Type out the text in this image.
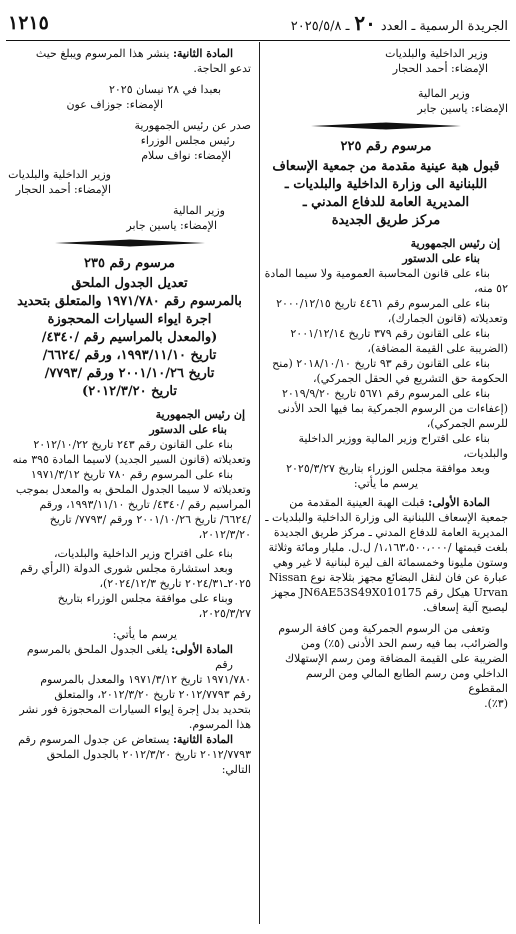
الجريدة الرسمية ـ العدد
٢٠
ـ ٢٠٢٥/٥/٨
١٢١٥

وزير الداخلية والبلديات

الإمضاء: أحمد الحجار

وزير المالية

الإمضاء: ياسين جابر

مرسوم رقم ٢٢٥

قبول هبة عينية مقدمة من جمعية الإسعاف

اللبنانية الى وزارة الداخلية والبلديات ـ

المديرية العامة للدفاع المدني ـ

مركز طريق الجديدة

إن رئيس الجمهورية

بناء على الدستور

بناء على قانون المحاسبة العمومية ولا سيما المادة

٥٢ منه،

بناء على المرسوم رقم ٤٤٦١ تاريخ ٢٠٠٠/١٢/١٥

وتعديلاته (قانون الجمارك)،

بناء على القانون رقم ٣٧٩ تاريخ ٢٠٠١/١٢/١٤

(الضريبة على القيمة المضافة)،

بناء على القانون رقم ٩٣ تاريخ ٢٠١٨/١٠/١٠ (منح

الحكومة حق التشريع في الحقل الجمركي)،

بناء على المرسوم رقم ٥٦٧١ تاريخ ٢٠١٩/٩/٢٠

(إعفاءات من الرسوم الجمركية بما فيها الحد الأدنى

للرسم الجمركي)،

بناء على اقتراح وزير المالية ووزير الداخلية

والبلديات،

وبعد موافقة مجلس الوزراء بتاريخ ٢٠٢٥/٣/٢٧

يرسم ما يأتي:

المادة الأولى: قبلت الهبة العينية المقدمة من

جمعية الإسعاف اللبنانية الى وزارة الداخلية والبلديات ـ

المديرية العامة للدفاع المدني ـ مركز طريق الجديدة

بلغت قيمتها /١،١٦٣،٥٠٠،٠٠٠/ ل.ل. مليار ومائة وثلاثة

وستون مليونا وخمسمائة الف ليرة لبنانية لا غير وهي

عبارة عن فان لنقل البضائع مجهز بثلاجة نوع Nissan

Urvan هيكل رقم JN6AE53S49X010175 مجهز

ليصبح آلية إسعاف.

وتعفى من الرسوم الجمركية ومن كافة الرسوم

والضرائب، بما فيه رسم الحد الأدنى (٥٪) ومن

الضريبة على القيمة المضافة ومن رسم الإستهلاك

الداخلي ومن رسم الطابع المالي ومن الرسم المقطوع

(٣٪).

المادة الثانية: ينشر هذا المرسوم ويبلغ حيث

تدعو الحاجة.

بعبدا في ٢٨ نيسان ٢٠٢٥

الإمضاء: جوزاف عون

صدر عن رئيس الجمهورية

رئيس مجلس الوزراء

الإمضاء: نواف سلام

وزير الداخلية والبلديات

الإمضاء: أحمد الحجار

وزير المالية

الإمضاء: ياسين جابر

مرسوم رقم ٢٣٥

تعديل الجدول الملحق

بالمرسوم رقم ١٩٧١/٧٨٠ والمتعلق بتحديد

اجرة ايواء السيارات المحجوزة

(والمعدل بالمراسيم رقم /٤٣٤٠/

تاريخ ١٩٩٣/١١/١٠، ورقم /٦٦٢٤/

تاريخ ٢٠٠١/١٠/٢٦ ورقم /٧٧٩٣/

تاريخ ٢٠١٢/٣/٢٠)

إن رئيس الجمهورية

بناء على الدستور

بناء على القانون رقم ٢٤٣ تاريخ ٢٠١٢/١٠/٢٢

وتعديلاته (قانون السير الجديد) لاسيما المادة ٣٩٥ منه

بناء على المرسوم رقم ٧٨٠ تاريخ ١٩٧١/٣/١٢

وتعديلاته لا سيما الجدول الملحق به والمعدل بموجب

المراسيم رقم /٤٣٤٠/ تاريخ ١٩٩٣/١١/١٠، ورقم

/٦٦٢٤/ تاريخ ٢٠٠١/١٠/٢٦ ورقم /٧٧٩٣/ تاريخ

٢٠١٢/٣/٢٠،

بناء على اقتراح وزير الداخلية والبلديات،

وبعد استشارة مجلس شورى الدولة (الرأي رقم

٢٠٢٥ـ٢٠٢٤/٣١ تاريخ ٢٠٢٤/١٢/٣)،

وبناء على موافقة مجلس الوزراء بتاريخ

٢٠٢٥/٣/٢٧،

يرسم ما يأتي:

المادة الأولى: يلغى الجدول الملحق بالمرسوم رقم

١٩٧١/٧٨٠ تاريخ ١٩٧١/٣/١٢ والمعدل بالمرسوم

رقم ٢٠١٢/٧٧٩٣ تاريخ ٢٠١٢/٣/٢٠، والمتعلق

بتحديد بدل إجرة إيواء السيارات المحجوزة فور نشر

هذا المرسوم.

المادة الثانية: يستعاض عن جدول المرسوم رقم

٢٠١٢/٧٧٩٣ تاريخ ٢٠١٢/٣/٢٠ بالجدول الملحق

التالي:
